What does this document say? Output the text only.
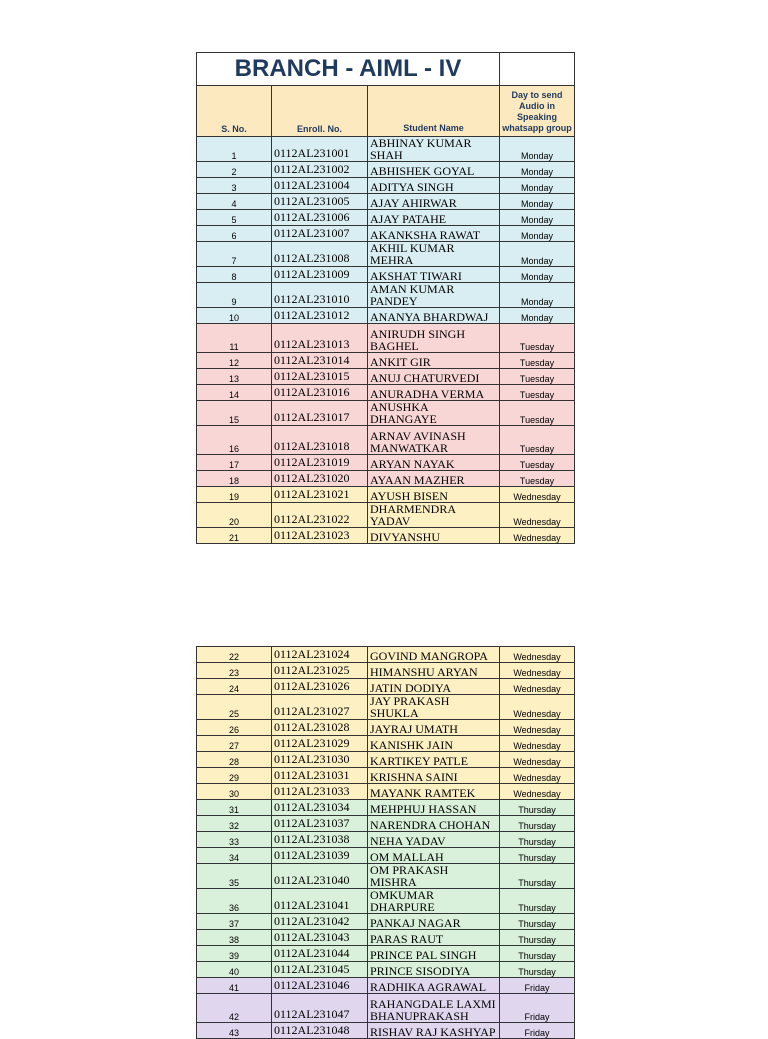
BRANCH - AIML - IV			
S. No.	Enroll. No.	Student Name	Day to send Audio in Speaking whatsapp group
1	0112AL231001	ABHINAY KUMAR SHAH	Monday
2	0112AL231002	ABHISHEK GOYAL	Monday
3	0112AL231004	ADITYA SINGH	Monday
4	0112AL231005	AJAY AHIRWAR	Monday
5	0112AL231006	AJAY PATAHE	Monday
6	0112AL231007	AKANKSHA RAWAT	Monday
7	0112AL231008	AKHIL KUMAR MEHRA	Monday
8	0112AL231009	AKSHAT TIWARI	Monday
9	0112AL231010	AMAN KUMAR PANDEY	Monday
10	0112AL231012	ANANYA BHARDWAJ	Monday
11	0112AL231013	ANIRUDH SINGH BAGHEL	Tuesday
12	0112AL231014	ANKIT GIR	Tuesday
13	0112AL231015	ANUJ CHATURVEDI	Tuesday
14	0112AL231016	ANURADHA VERMA	Tuesday
15	0112AL231017	ANUSHKA DHANGAYE	Tuesday
16	0112AL231018	ARNAV AVINASH MANWATKAR	Tuesday
17	0112AL231019	ARYAN NAYAK	Tuesday
18	0112AL231020	AYAAN MAZHER	Tuesday
19	0112AL231021	AYUSH BISEN	Wednesday
20	0112AL231022	DHARMENDRA YADAV	Wednesday
21	0112AL231023	DIVYANSHU	Wednesday
22	0112AL231024	GOVIND MANGROPA	Wednesday
23	0112AL231025	HIMANSHU ARYAN	Wednesday
24	0112AL231026	JATIN DODIYA	Wednesday
25	0112AL231027	JAY PRAKASH SHUKLA	Wednesday
26	0112AL231028	JAYRAJ UMATH	Wednesday
27	0112AL231029	KANISHK JAIN	Wednesday
28	0112AL231030	KARTIKEY PATLE	Wednesday
29	0112AL231031	KRISHNA SAINI	Wednesday
30	0112AL231033	MAYANK RAMTEK	Wednesday
31	0112AL231034	MEHPHUJ HASSAN	Thursday
32	0112AL231037	NARENDRA CHOHAN	Thursday
33	0112AL231038	NEHA YADAV	Thursday
34	0112AL231039	OM MALLAH	Thursday
35	0112AL231040	OM PRAKASH MISHRA	Thursday
36	0112AL231041	OMKUMAR DHARPURE	Thursday
37	0112AL231042	PANKAJ NAGAR	Thursday
38	0112AL231043	PARAS RAUT	Thursday
39	0112AL231044	PRINCE PAL SINGH	Thursday
40	0112AL231045	PRINCE SISODIYA	Thursday
41	0112AL231046	RADHIKA AGRAWAL	Friday
42	0112AL231047	RAHANGDALE LAXMI BHANUPRAKASH	Friday
43	0112AL231048	RISHAV RAJ KASHYAP	Friday
